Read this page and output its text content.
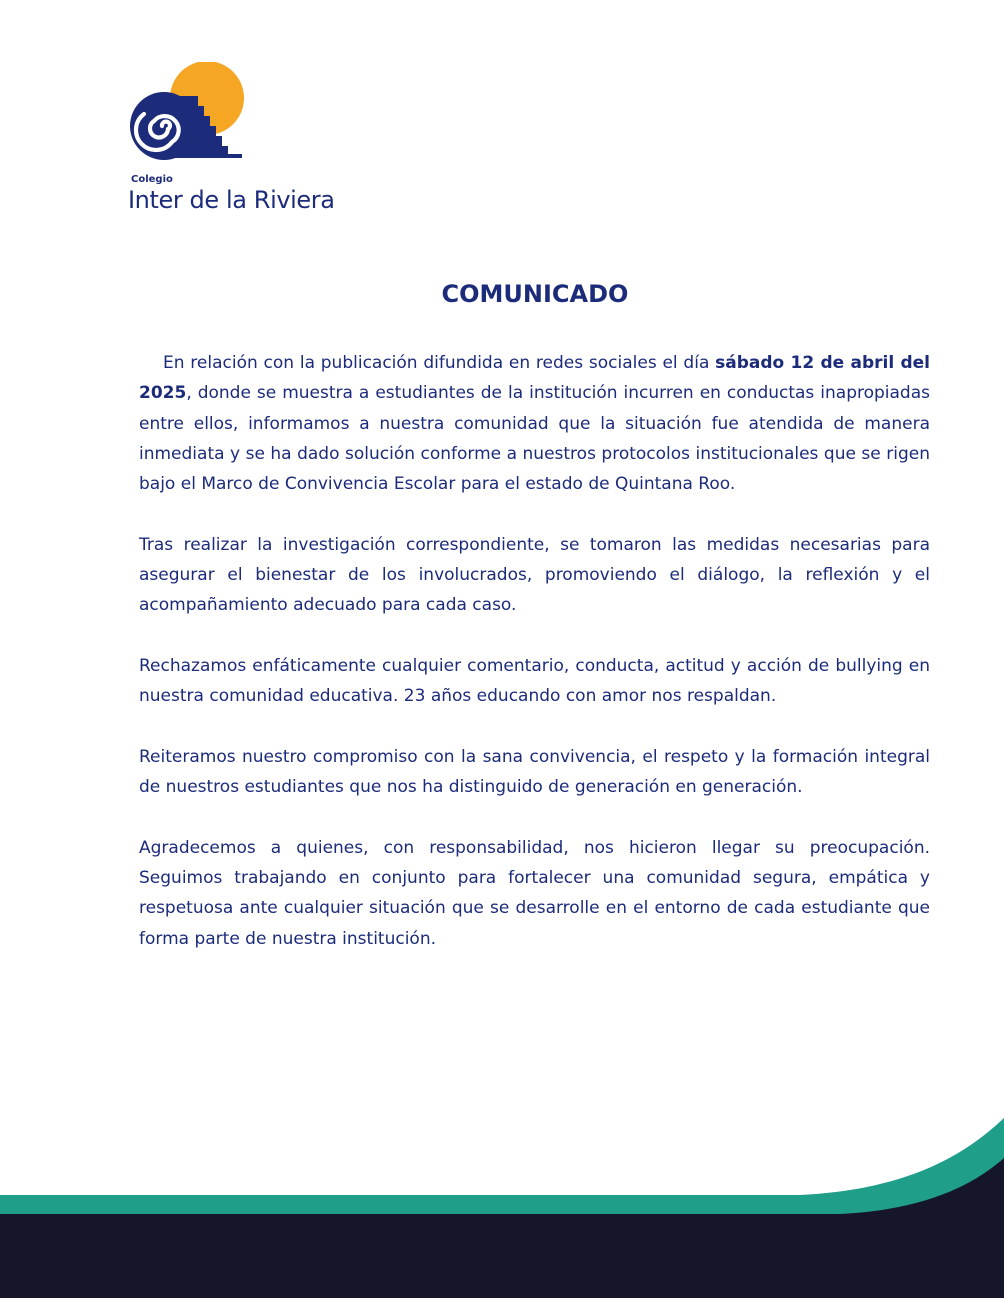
Colegio
Inter de la Riviera
COMUNICADO

En relación con la publicación difundida en redes sociales el día sábado 12 de abril del 2025, donde se muestra a estudiantes de la institución incurren en conductas inapropiadas entre ellos, informamos a nuestra comunidad que la situación fue atendida de manera inmediata y se ha dado solución conforme a nuestros protocolos institucionales que se rigen bajo el Marco de Convivencia Escolar para el estado de Quintana Roo.

Tras realizar la investigación correspondiente, se tomaron las medidas necesarias para asegurar el bienestar de los involucrados, promoviendo el diálogo, la reflexión y el acompañamiento adecuado para cada caso.

Rechazamos enfáticamente cualquier comentario, conducta, actitud y acción de bullying en nuestra comunidad educativa. 23 años educando con amor nos respaldan.

Reiteramos nuestro compromiso con la sana convivencia, el respeto y la formación integral de nuestros estudiantes que nos ha distinguido de generación en generación.

Agradecemos a quienes, con responsabilidad, nos hicieron llegar su preocupación. Seguimos trabajando en conjunto para fortalecer una comunidad segura, empática y respetuosa ante cualquier situación que se desarrolle en el entorno de cada estudiante que forma parte de nuestra institución.
